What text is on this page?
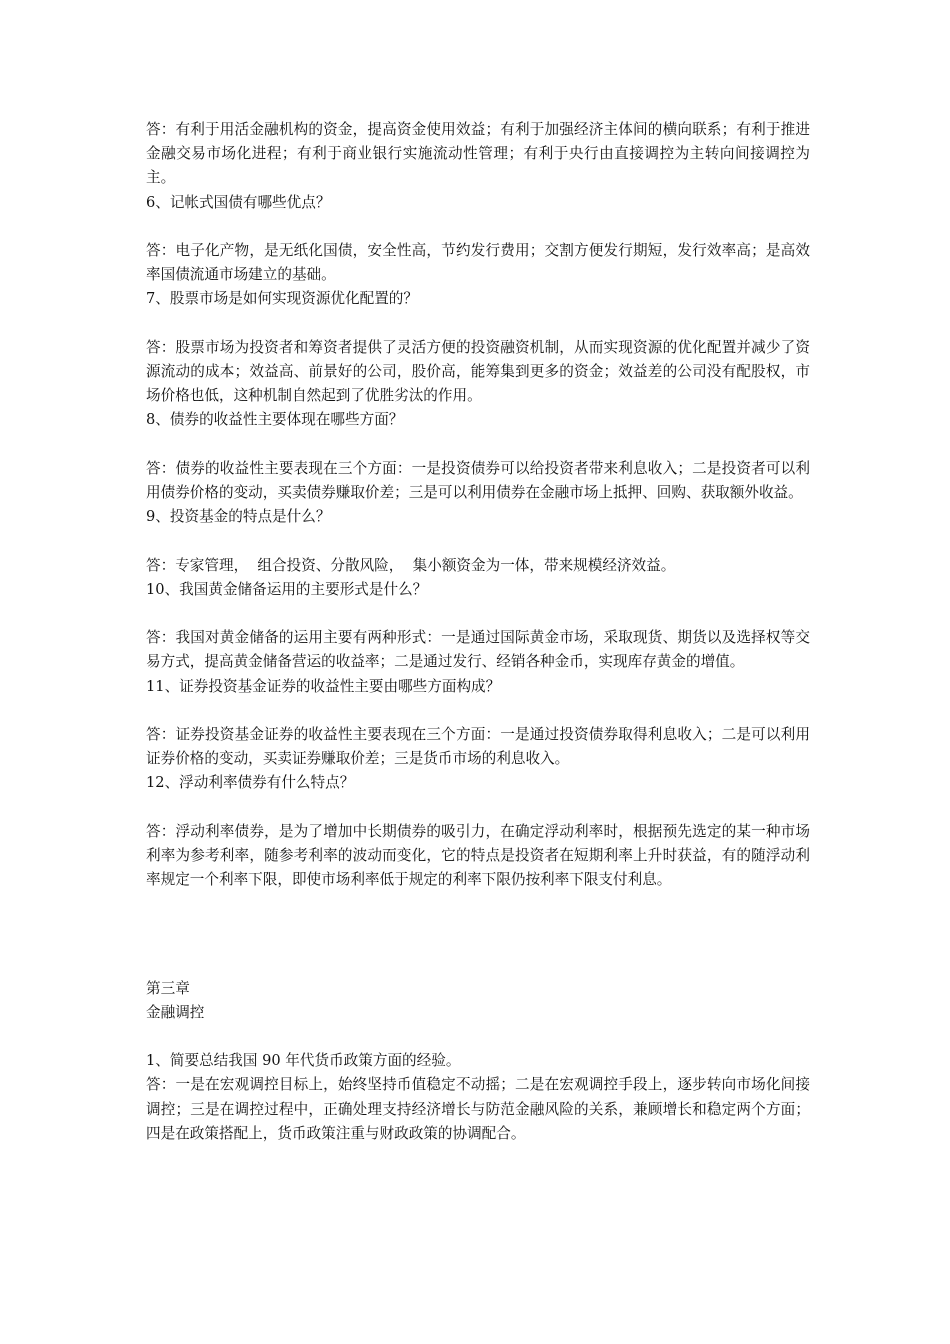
答：有利于用活金融机构的资金，提高资金使用效益；有利于加强经济主体间的横向联系；有利于推进金融交易市场化进程；有利于商业银行实施流动性管理；有利于央行由直接调控为主转向间接调控为主。

6、记帐式国债有哪些优点？

答：电子化产物，是无纸化国债，安全性高，节约发行费用；交割方便发行期短，发行效率高；是高效率国债流通市场建立的基础。

7、股票市场是如何实现资源优化配置的？

答：股票市场为投资者和筹资者提供了灵活方便的投资融资机制，从而实现资源的优化配置并减少了资源流动的成本；效益高、前景好的公司，股价高，能筹集到更多的资金；效益差的公司没有配股权，市场价格也低，这种机制自然起到了优胜劣汰的作用。

8、债券的收益性主要体现在哪些方面？

答：债券的收益性主要表现在三个方面：一是投资债券可以给投资者带来利息收入；二是投资者可以利用债券价格的变动，买卖债券赚取价差；三是可以利用债券在金融市场上抵押、回购、获取额外收益。

9、投资基金的特点是什么？

答：专家管理，  组合投资、分散风险，  集小额资金为一体，带来规模经济效益。

10、我国黄金储备运用的主要形式是什么？

答：我国对黄金储备的运用主要有两种形式：一是通过国际黄金市场，采取现货、期货以及选择权等交易方式，提高黄金储备营运的收益率；二是通过发行、经销各种金币，实现库存黄金的增值。

11、证券投资基金证券的收益性主要由哪些方面构成？

答：证券投资基金证券的收益性主要表现在三个方面：一是通过投资债券取得利息收入；二是可以利用证券价格的变动，买卖证券赚取价差；三是货币市场的利息收入。

12、浮动利率债券有什么特点？

答：浮动利率债券，是为了增加中长期债券的吸引力，在确定浮动利率时，根据预先选定的某一种市场利率为参考利率，随参考利率的波动而变化，它的特点是投资者在短期利率上升时获益，有的随浮动利率规定一个利率下限，即使市场利率低于规定的利率下限仍按利率下限支付利息。

第三章

金融调控

1、简要总结我国 90 年代货币政策方面的经验。

答：一是在宏观调控目标上，始终坚持币值稳定不动摇；二是在宏观调控手段上，逐步转向市场化间接调控；三是在调控过程中，正确处理支持经济增长与防范金融风险的关系，兼顾增长和稳定两个方面；四是在政策搭配上，货币政策注重与财政政策的协调配合。
